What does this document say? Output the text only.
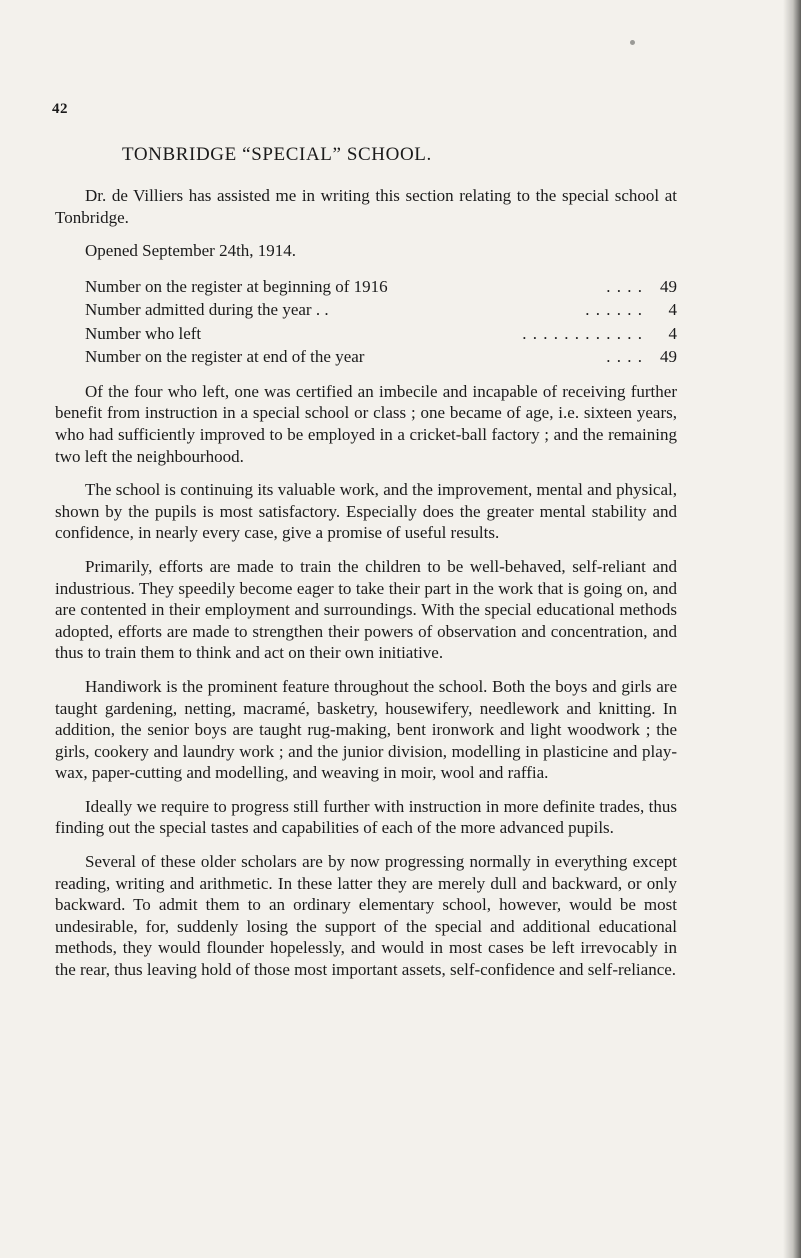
42
TONBRIDGE “SPECIAL” SCHOOL.

Dr. de Villiers has assisted me in writing this section relating to the special school at Tonbridge.

Opened September 24th, 1914.
Number on the register at beginning of 1916	. . . .	49
Number admitted during the year . .	. . . . . .	4
Number who left	. . . . . . . . . . . .	4
Number on the register at end of the year	. . . .	49

Of the four who left, one was certified an imbecile and incapable of receiving further benefit from instruction in a special school or class ; one became of age, i.e. sixteen years, who had sufficiently improved to be employed in a cricket-ball factory ; and the remaining two left the neighbourhood.

The school is continuing its valuable work, and the improvement, mental and physical, shown by the pupils is most satisfactory. Especially does the greater mental stability and confidence, in nearly every case, give a promise of useful results.

Primarily, efforts are made to train the children to be well-behaved, self-reliant and industrious. They speedily become eager to take their part in the work that is going on, and are contented in their employment and surroundings. With the special educational methods adopted, efforts are made to strengthen their powers of observation and concentration, and thus to train them to think and act on their own initiative.

Handiwork is the prominent feature throughout the school. Both the boys and girls are taught gardening, netting, macramé, basketry, housewifery, needlework and knitting. In addition, the senior boys are taught rug-making, bent ironwork and light woodwork ; the girls, cookery and laundry work ; and the junior division, modelling in plasticine and play-wax, paper-cutting and modelling, and weaving in moir, wool and raffia.

Ideally we require to progress still further with instruction in more definite trades, thus finding out the special tastes and capabilities of each of the more advanced pupils.

Several of these older scholars are by now progressing normally in everything except reading, writing and arithmetic. In these latter they are merely dull and backward, or only backward. To admit them to an ordinary elementary school, however, would be most undesirable, for, suddenly losing the support of the special and additional educational methods, they would flounder hopelessly, and would in most cases be left irrevocably in the rear, thus leaving hold of those most important assets, self-confidence and self-reliance.
